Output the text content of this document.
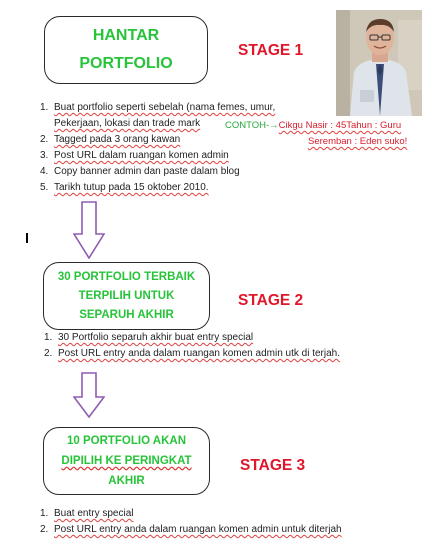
HANTAR
PORTFOLIO
STAGE 1
1. Buat portfolio seperti sebelah (nama femes, umur,
Pekerjaan, lokasi dan trade mark
2. Tagged pada 3 orang kawan
3. Post URL dalam ruangan komen admin
4. Copy banner admin dan paste dalam blog
5. Tarikh tutup pada 15 oktober 2010.
CONTOH-→Cikgu Nasir : 45Tahun : Guru
Seremban : Eden suko!
30 PORTFOLIO TERBAIK
TERPILIH UNTUK
SEPARUH AKHIR
STAGE 2
1. 30 Portfolio separuh akhir buat entry special
2. Post URL entry anda dalam ruangan komen admin utk di terjah.
10 PORTFOLIO AKAN
DIPILIH KE PERINGKAT
AKHIR
STAGE 3
1. Buat entry special
2. Post URL entry anda dalam ruangan komen admin untuk diterjah
